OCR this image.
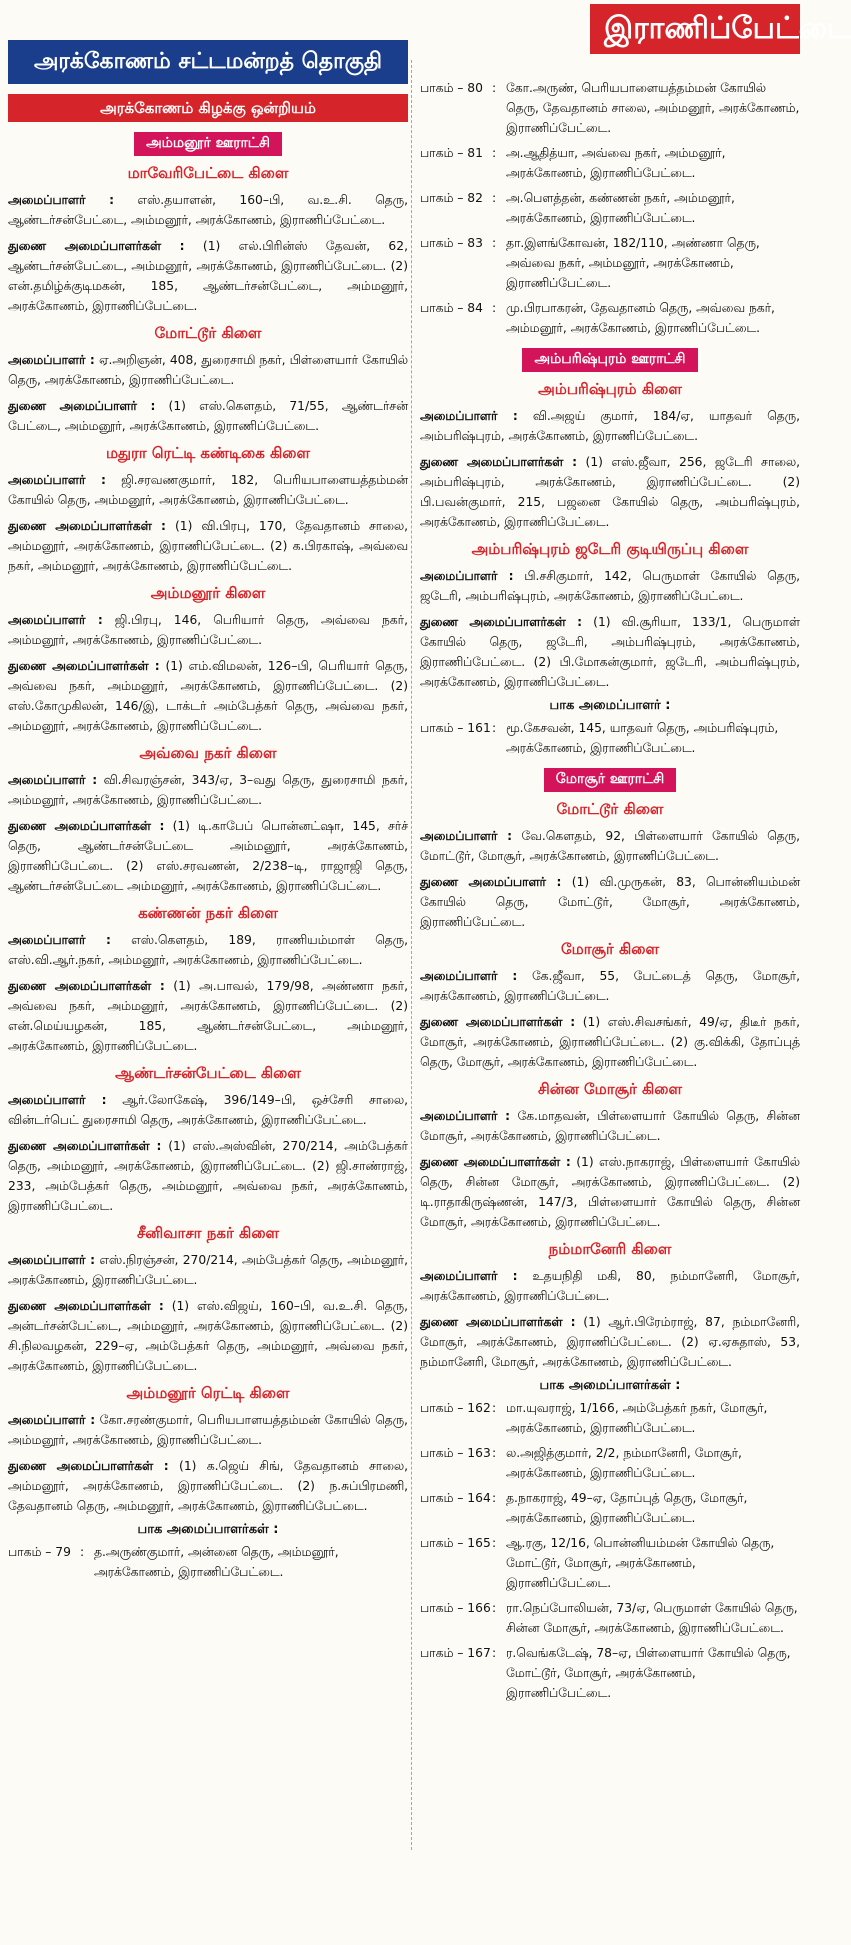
இராணிப்பேட்டை
அரக்கோணம் சட்டமன்றத் தொகுதி
அரக்கோணம் கிழக்கு ஒன்றியம்
அம்மனூர் ஊராட்சி
மாவேரிபேட்டை கிளை
அமைப்பாளர் : எஸ்.தயாளன், 160–பி, வ.உ.சி. தெரு, ஆண்டர்சன்பேட்டை, அம்மனூர், அரக்கோணம், இராணிப்பேட்டை.
துணை அமைப்பாளர்கள் : (1) எல்.பிரின்ஸ் தேவன், 62, ஆண்டர்சன்பேட்டை, அம்மனூர், அரக்கோணம், இராணிப்பேட்டை. (2) என்.தமிழ்க்குடிமகன், 185, ஆண்டர்சன்பேட்டை, அம்மனூர், அரக்கோணம், இராணிப்பேட்டை.
மோட்டூர் கிளை
அமைப்பாளர் : ஏ.அறிஞன், 408, துரைசாமி நகர், பிள்ளையார் கோயில் தெரு, அரக்கோணம், இராணிப்பேட்டை.
துணை அமைப்பாளர் : (1) எஸ்.கௌதம், 71/55, ஆண்டர்சன் பேட்டை, அம்மனூர், அரக்கோணம், இராணிப்பேட்டை.
மதுரா ரெட்டி கண்டிகை கிளை
அமைப்பாளர் : ஜி.சரவணகுமார், 182, பெரியபாளையத்தம்மன் கோயில் தெரு, அம்மனூர், அரக்கோணம், இராணிப்பேட்டை.
துணை அமைப்பாளர்கள் : (1) வி.பிரபு, 170, தேவதானம் சாலை, அம்மனூர், அரக்கோணம், இராணிப்பேட்டை. (2) க.பிரகாஷ், அவ்வை நகர், அம்மனூர், அரக்கோணம், இராணிப்பேட்டை.
அம்மனூர் கிளை
அமைப்பாளர் : ஜி.பிரபு, 146, பெரியார் தெரு, அவ்வை நகர், அம்மனூர், அரக்கோணம், இராணிப்பேட்டை.
துணை அமைப்பாளர்கள் : (1) எம்.விமலன், 126–பி, பெரியார் தெரு, அவ்வை நகர், அம்மனூர், அரக்கோணம், இராணிப்பேட்டை. (2) எஸ்.கோமுகிலன், 146/இ, டாக்டர் அம்பேத்கர் தெரு, அவ்வை நகர், அம்மனூர், அரக்கோணம், இராணிப்பேட்டை.
அவ்வை நகர் கிளை
அமைப்பாளர் : வி.சிவரஞ்சன், 343/ஏ, 3–வது தெரு, துரைசாமி நகர், அம்மனூர், அரக்கோணம், இராணிப்பேட்டை.
துணை அமைப்பாளர்கள் : (1) டி.காபேப் பொன்னட்ஷா, 145, சர்ச் தெரு, ஆண்டர்சன்பேட்டை அம்மனூர், அரக்கோணம், இராணிப்பேட்டை. (2) எஸ்.சரவணன், 2/238–டி, ராஜாஜி தெரு, ஆண்டர்சன்பேட்டை அம்மனூர், அரக்கோணம், இராணிப்பேட்டை.
கண்ணன் நகர் கிளை
அமைப்பாளர் : எஸ்.கௌதம், 189, ராணியம்மாள் தெரு, எஸ்.வி.ஆர்.நகர், அம்மனூர், அரக்கோணம், இராணிப்பேட்டை.
துணை அமைப்பாளர்கள் : (1) அ.பாவல், 179/98, அண்ணா நகர், அவ்வை நகர், அம்மனூர், அரக்கோணம், இராணிப்பேட்டை. (2) என்.மெய்யழகன், 185, ஆண்டர்சன்பேட்டை, அம்மனூர், அரக்கோணம், இராணிப்பேட்டை.
ஆண்டர்சன்பேட்டை கிளை
அமைப்பாளர் : ஆர்.லோகேஷ், 396/149–பி, ஒச்சேரி சாலை, வின்டர்பெட் துரைசாமி தெரு, அரக்கோணம், இராணிப்பேட்டை.
துணை அமைப்பாளர்கள் : (1) எஸ்.அஸ்வின், 270/214, அம்பேத்கர் தெரு, அம்மனூர், அரக்கோணம், இராணிப்பேட்டை. (2) ஜி.சாண்ராஜ், 233, அம்பேத்கர் தெரு, அம்மனூர், அவ்வை நகர், அரக்கோணம், இராணிப்பேட்டை.
சீனிவாசா நகர் கிளை
அமைப்பாளர் : எஸ்.நிரஞ்சன், 270/214, அம்பேத்கர் தெரு, அம்மனூர், அரக்கோணம், இராணிப்பேட்டை.
துணை அமைப்பாளர்கள் : (1) எஸ்.விஜய், 160–பி, வ.உ.சி. தெரு, அன்டர்சன்பேட்டை, அம்மனூர், அரக்கோணம், இராணிப்பேட்டை. (2) சி.நிலவழகன், 229–ஏ, அம்பேத்கர் தெரு, அம்மனூர், அவ்வை நகர், அரக்கோணம், இராணிப்பேட்டை.
அம்மனூர் ரெட்டி கிளை
அமைப்பாளர் : கோ.சரண்குமார், பெரியபாளயத்தம்மன் கோயில் தெரு, அம்மனூர், அரக்கோணம், இராணிப்பேட்டை.
துணை அமைப்பாளர்கள் : (1) க.ஜெய் சிங், தேவதானம் சாலை, அம்மனூர், அரக்கோணம், இராணிப்பேட்டை. (2) ந.சுப்பிரமணி, தேவதானம் தெரு, அம்மனூர், அரக்கோணம், இராணிப்பேட்டை.
பாக அமைப்பாளர்கள் :
பாகம் – 79 : த.அருண்குமார், அன்னை தெரு, அம்மனூர், அரக்கோணம், இராணிப்பேட்டை.
பாகம் – 80 : கோ.அருண், பெரியபாளையத்தம்மன் கோயில் தெரு, தேவதானம் சாலை, அம்மனூர், அரக்கோணம், இராணிப்பேட்டை.
பாகம் – 81 : அ.ஆதித்யா, அவ்வை நகர், அம்மனூர், அரக்கோணம், இராணிப்பேட்டை.
பாகம் – 82 : அ.பௌத்தன், கண்ணன் நகர், அம்மனூர், அரக்கோணம், இராணிப்பேட்டை.
பாகம் – 83 : தா.இளங்கோவன், 182/110, அண்ணா தெரு, அவ்வை நகர், அம்மனூர், அரக்கோணம், இராணிப்பேட்டை.
பாகம் – 84 : மு.பிரபாகரன், தேவதானம் தெரு, அவ்வை நகர், அம்மனூர், அரக்கோணம், இராணிப்பேட்டை.
அம்பரிஷ்புரம் ஊராட்சி
அம்பரிஷ்புரம் கிளை
அமைப்பாளர் : வி.அஜய் குமார், 184/ஏ, யாதவர் தெரு, அம்பரிஷ்புரம், அரக்கோணம், இராணிப்பேட்டை.
துணை அமைப்பாளர்கள் : (1) எஸ்.ஜீவா, 256, ஜடேரி சாலை, அம்பரிஷ்புரம், அரக்கோணம், இராணிப்பேட்டை. (2) பி.பவன்குமார், 215, பஜனை கோயில் தெரு, அம்பரிஷ்புரம், அரக்கோணம், இராணிப்பேட்டை.
அம்பரிஷ்புரம் ஜடேரி குடியிருப்பு கிளை
அமைப்பாளர் : பி.சசிகுமார், 142, பெருமாள் கோயில் தெரு, ஜடேரி, அம்பரிஷ்புரம், அரக்கோணம், இராணிப்பேட்டை.
துணை அமைப்பாளர்கள் : (1) வி.சூரியா, 133/1, பெருமாள் கோயில் தெரு, ஜடேரி, அம்பரிஷ்புரம், அரக்கோணம், இராணிப்பேட்டை. (2) பி.மோகன்குமார், ஜடேரி, அம்பரிஷ்புரம், அரக்கோணம், இராணிப்பேட்டை.
பாக அமைப்பாளர் :
பாகம் – 161 : மூ.கேசவன், 145, யாதவர் தெரு, அம்பரிஷ்புரம், அரக்கோணம், இராணிப்பேட்டை.
மோசூர் ஊராட்சி
மோட்டூர் கிளை
அமைப்பாளர் : வே.கௌதம், 92, பிள்ளையார் கோயில் தெரு, மோட்டூர், மோசூர், அரக்கோணம், இராணிப்பேட்டை.
துணை அமைப்பாளர் : (1) வி.முருகன், 83, பொன்னியம்மன் கோயில் தெரு, மோட்டூர், மோசூர், அரக்கோணம், இராணிப்பேட்டை.
மோசூர் கிளை
அமைப்பாளர் : கே.ஜீவா, 55, பேட்டைத் தெரு, மோசூர், அரக்கோணம், இராணிப்பேட்டை.
துணை அமைப்பாளர்கள் : (1) எஸ்.சிவசங்கர், 49/ஏ, திடீர் நகர், மோசூர், அரக்கோணம், இராணிப்பேட்டை. (2) கு.விக்கி, தோப்புத் தெரு, மோசூர், அரக்கோணம், இராணிப்பேட்டை.
சின்ன மோசூர் கிளை
அமைப்பாளர் : கே.மாதவன், பிள்ளையார் கோயில் தெரு, சின்ன மோசூர், அரக்கோணம், இராணிப்பேட்டை.
துணை அமைப்பாளர்கள் : (1) எஸ்.நாகராஜ், பிள்ளையார் கோயில் தெரு, சின்ன மோசூர், அரக்கோணம், இராணிப்பேட்டை. (2) டி.ராதாகிருஷ்ணன், 147/3, பிள்ளையார் கோயில் தெரு, சின்ன மோசூர், அரக்கோணம், இராணிப்பேட்டை.
நம்மானேரி கிளை
அமைப்பாளர் : உதயநிதி மகி, 80, நம்மானேரி, மோசூர், அரக்கோணம், இராணிப்பேட்டை.
துணை அமைப்பாளர்கள் : (1) ஆர்.பிரேம்ராஜ், 87, நம்மானேரி, மோசூர், அரக்கோணம், இராணிப்பேட்டை. (2) ஏ.ஏசுதாஸ், 53, நம்மானேரி, மோசூர், அரக்கோணம், இராணிப்பேட்டை.
பாக அமைப்பாளர்கள் :
பாகம் – 162 : மா.யுவராஜ், 1/166, அம்பேத்கர் நகர், மோசூர், அரக்கோணம், இராணிப்பேட்டை.
பாகம் – 163 : ல.அஜித்குமார், 2/2, நம்மானேரி, மோசூர், அரக்கோணம், இராணிப்பேட்டை.
பாகம் – 164 : த.நாகராஜ், 49–ஏ, தோப்புத் தெரு, மோசூர், அரக்கோணம், இராணிப்பேட்டை.
பாகம் – 165 : ஆ.ரகு, 12/16, பொன்னியம்மன் கோயில் தெரு, மோட்டூர், மோசூர், அரக்கோணம், இராணிப்பேட்டை.
பாகம் – 166 : ரா.நெப்போலியன், 73/ஏ, பெருமாள் கோயில் தெரு, சின்ன மோசூர், அரக்கோணம், இராணிப்பேட்டை.
பாகம் – 167 : ர.வெங்கடேஷ், 78–ஏ, பிள்ளையார் கோயில் தெரு, மோட்டூர், மோசூர், அரக்கோணம், இராணிப்பேட்டை.
